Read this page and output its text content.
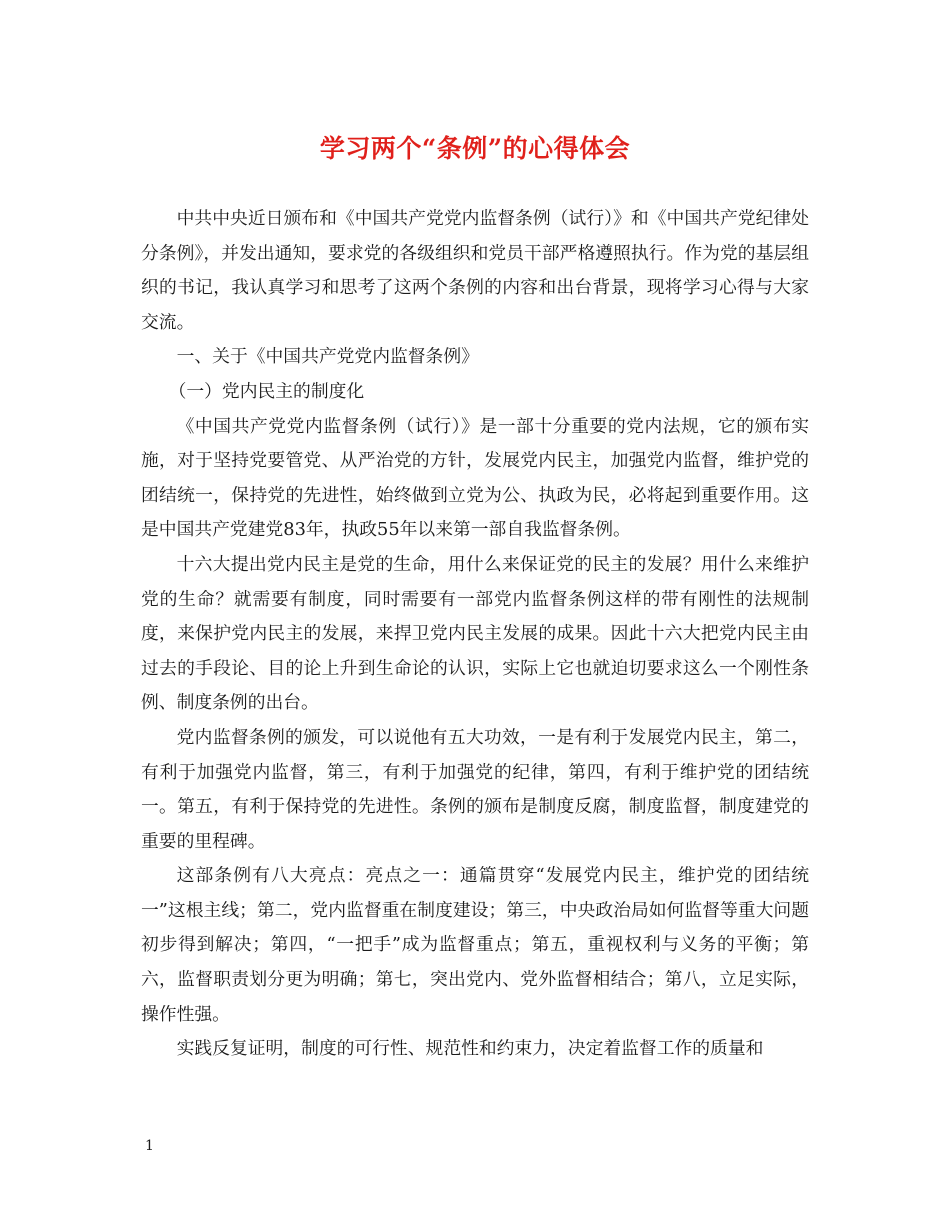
学习两个“条例”的心得体会

中共中央近日颁布和《中国共产党党内监督条例（试行）》和《中国共产党纪律处分条例》，并发出通知，要求党的各级组织和党员干部严格遵照执行。作为党的基层组织的书记，我认真学习和思考了这两个条例的内容和出台背景，现将学习心得与大家交流。

一、关于《中国共产党党内监督条例》

（一）党内民主的制度化

《中国共产党党内监督条例（试行）》是一部十分重要的党内法规，它的颁布实施，对于坚持党要管党、从严治党的方针，发展党内民主，加强党内监督，维护党的团结统一，保持党的先进性，始终做到立党为公、执政为民，必将起到重要作用。这是中国共产党建党83年，执政55年以来第一部自我监督条例。

十六大提出党内民主是党的生命，用什么来保证党的民主的发展？用什么来维护党的生命？就需要有制度，同时需要有一部党内监督条例这样的带有刚性的法规制度，来保护党内民主的发展，来捍卫党内民主发展的成果。因此十六大把党内民主由过去的手段论、目的论上升到生命论的认识，实际上它也就迫切要求这么一个刚性条例、制度条例的出台。

党内监督条例的颁发，可以说他有五大功效，一是有利于发展党内民主，第二，有利于加强党内监督，第三，有利于加强党的纪律，第四，有利于维护党的团结统一。第五，有利于保持党的先进性。条例的颁布是制度反腐，制度监督，制度建党的重要的里程碑。

这部条例有八大亮点：亮点之一：通篇贯穿“发展党内民主，维护党的团结统一”这根主线；第二，党内监督重在制度建设；第三，中央政治局如何监督等重大问题初步得到解决；第四，“一把手”成为监督重点；第五，重视权利与义务的平衡；第六，监督职责划分更为明确；第七，突出党内、党外监督相结合；第八，立足实际，操作性强。

实践反复证明，制度的可行性、规范性和约束力，决定着监督工作的质量和

1
